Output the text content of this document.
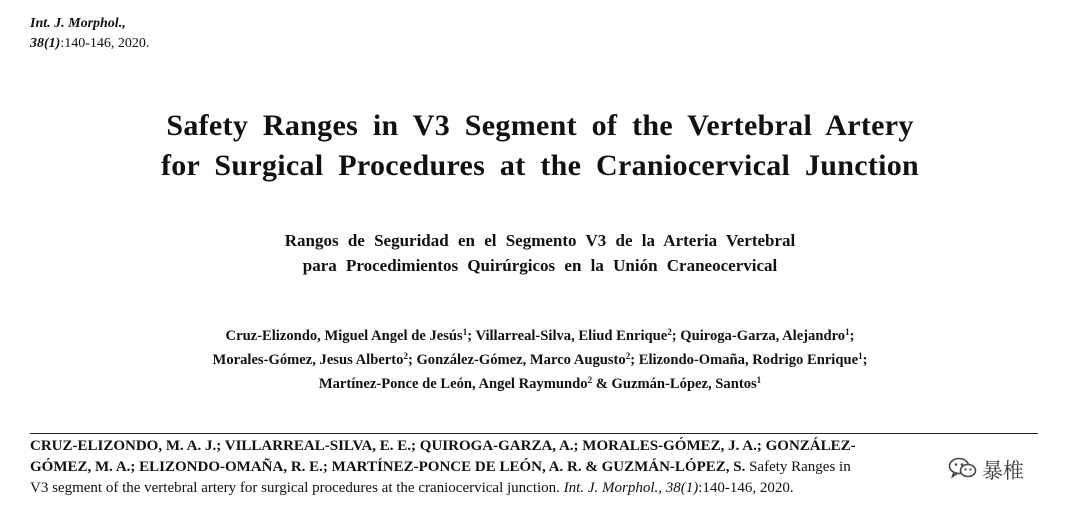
Int. J. Morphol.,
38(1):140-146, 2020.
Safety Ranges in V3 Segment of the Vertebral Artery
for Surgical Procedures at the Craniocervical Junction
Rangos de Seguridad en el Segmento V3 de la Arteria Vertebral
para Procedimientos Quirúrgicos en la Unión Craneocervical
Cruz-Elizondo, Miguel Angel de Jesús$^1$; Villarreal-Silva, Eliud Enrique$^2$; Quiroga-Garza, Alejandro$^1$;
Morales-Gómez, Jesus Alberto$^2$; González-Gómez, Marco Augusto$^2$; Elizondo-Omaña, Rodrigo Enrique$^1$;
Martínez-Ponce de León, Angel Raymundo$^2$ & Guzmán-López, Santos$^1$
CRUZ-ELIZONDO, M. A. J.; VILLARREAL-SILVA, E. E.; QUIROGA-GARZA, A.; MORALES-GÓMEZ, J. A.; GONZÁLEZ-
GÓMEZ, M. A.; ELIZONDO-OMAÑA, R. E.; MARTÍNEZ-PONCE DE LEÓN, A. R. & GUZMÁN-LÓPEZ, S. Safety Ranges in
V3 segment of the vertebral artery for surgical procedures at the craniocervical junction. Int. J. Morphol., 38(1):140-146, 2020.
暴椎
